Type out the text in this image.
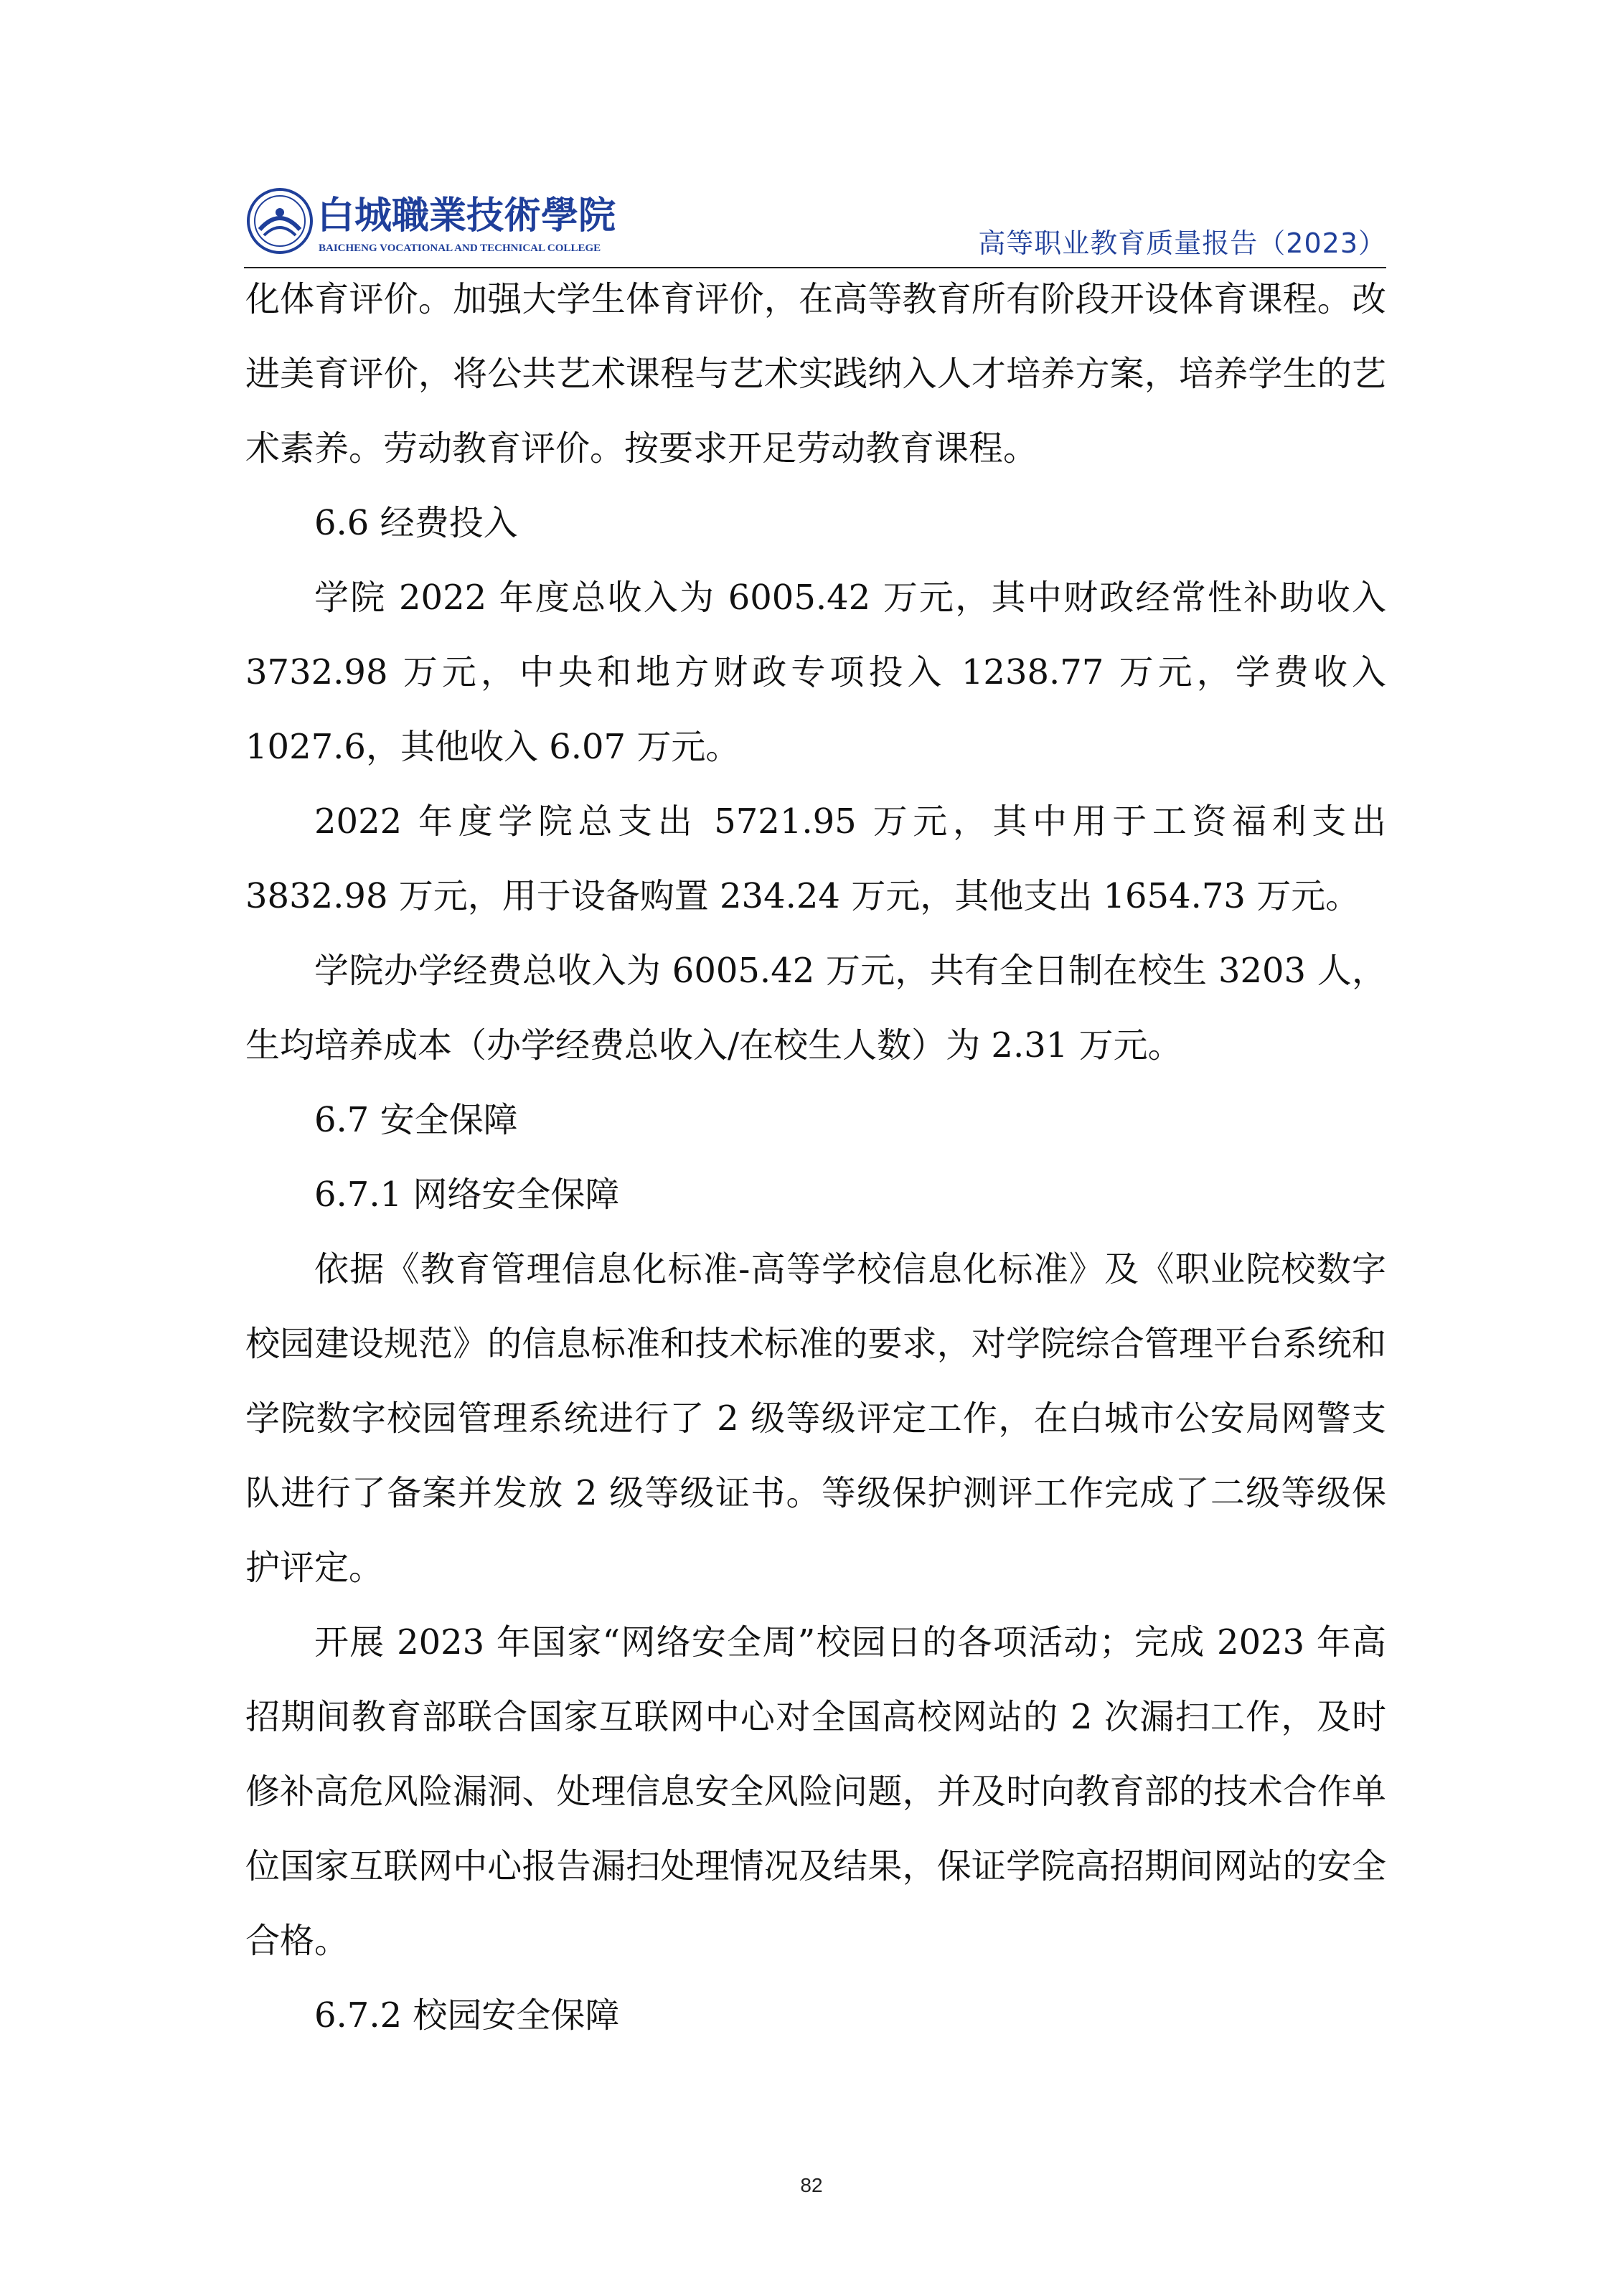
白城職業技術學院
BAICHENG VOCATIONAL AND TECHNICAL COLLEGE	高等职业教育质量报告（2023）

化体育评价。加强大学生体育评价，在高等教育所有阶段开设体育课程。改进美育评价，将公共艺术课程与艺术实践纳入人才培养方案，培养学生的艺术素养。劳动教育评价。按要求开足劳动教育课程。

6.6 经费投入

学院 2022 年度总收入为 6005.42 万元，其中财政经常性补助收入 3732.98 万元，中央和地方财政专项投入 1238.77 万元，学费收入 1027.6，其他收入 6.07 万元。

2022 年度学院总支出 5721.95 万元，其中用于工资福利支出 3832.98 万元，用于设备购置 234.24 万元，其他支出 1654.73 万元。

学院办学经费总收入为 6005.42 万元，共有全日制在校生 3203 人，生均培养成本（办学经费总收入/在校生人数）为 2.31 万元。

6.7 安全保障

6.7.1 网络安全保障

依据《教育管理信息化标准-高等学校信息化标准》及《职业院校数字校园建设规范》的信息标准和技术标准的要求，对学院综合管理平台系统和学院数字校园管理系统进行了 2 级等级评定工作，在白城市公安局网警支队进行了备案并发放 2 级等级证书。等级保护测评工作完成了二级等级保护评定。

开展 2023 年国家“网络安全周”校园日的各项活动；完成 2023 年高招期间教育部联合国家互联网中心对全国高校网站的 2 次漏扫工作，及时修补高危风险漏洞、处理信息安全风险问题，并及时向教育部的技术合作单位国家互联网中心报告漏扫处理情况及结果，保证学院高招期间网站的安全合格。

6.7.2 校园安全保障

82
